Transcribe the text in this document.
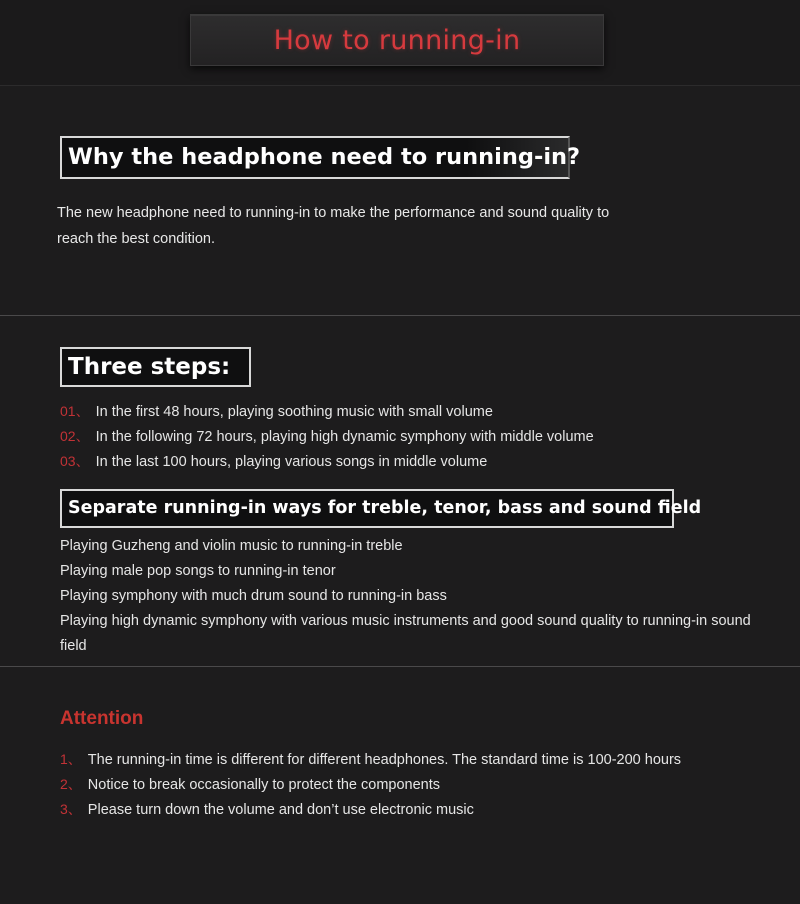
How to running-in
Why the headphone need to running-in?

The new headphone need to running-in to make the performance and sound quality to reach the best condition.

Three steps:
01、 In the first 48 hours, playing soothing music with small volume
02、 In the following 72 hours, playing high dynamic symphony with middle volume
03、 In the last 100 hours, playing various songs in middle volume
Separate running-in ways for treble, tenor, bass and sound field
Playing Guzheng and violin music to running-in treble
Playing male pop songs to running-in tenor
Playing symphony with much drum sound to running-in bass
Playing high dynamic symphony with various music instruments and good sound quality to running-in sound field
Attention
1、 The running-in time is different for different headphones. The standard time is 100-200 hours
2、 Notice to break occasionally to protect the components
3、 Please turn down the volume and don’t use electronic music
